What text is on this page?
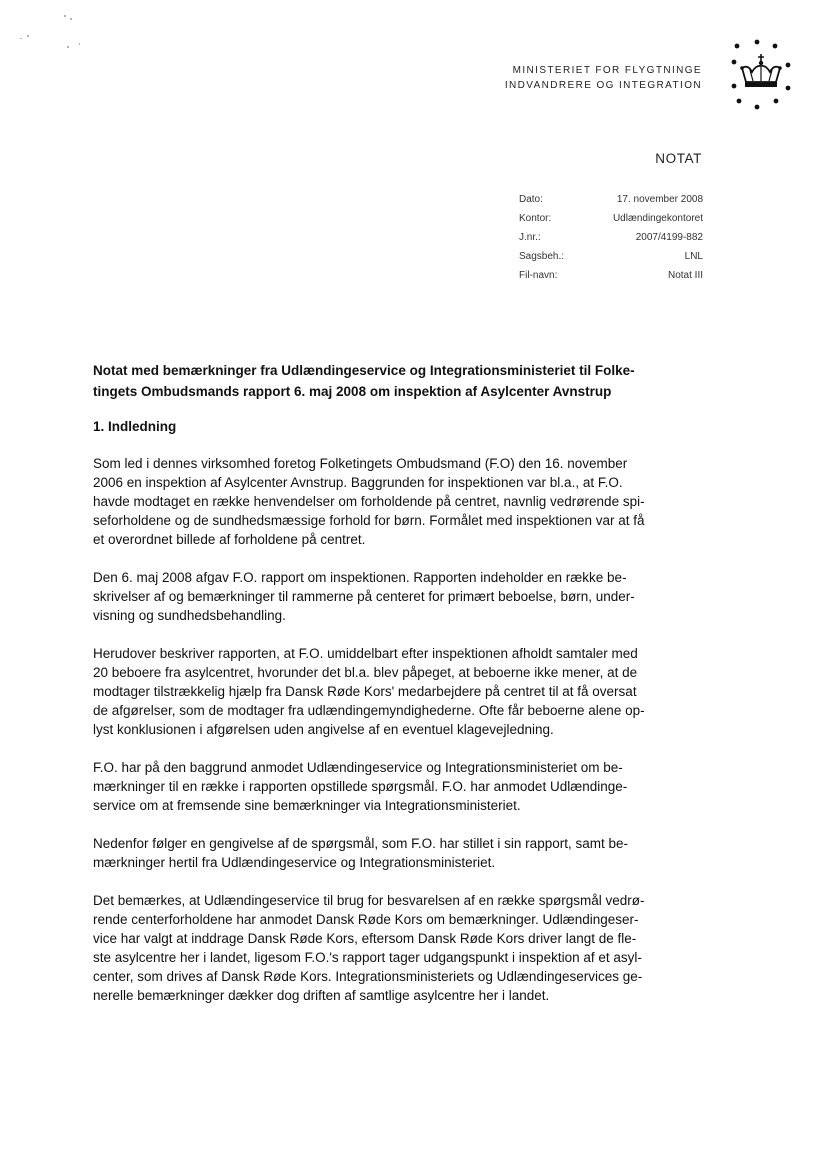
MINISTERIET FOR FLYGTNINGE
INDVANDRERE OG INTEGRATION
NOTAT
Dato:	17. november 2008
Kontor:	Udlændingekontoret
J.nr.:	2007/4199-882
Sagsbeh.:	LNL
Fil-navn:	Notat III
Notat med bemærkninger fra Udlændingeservice og Integrationsministeriet til Folke-
tingets Ombudsmands rapport 6. maj 2008 om inspektion af Asylcenter Avnstrup
1. Indledning
Som led i dennes virksomhed foretog Folketingets Ombudsmand (F.O) den 16. november
2006 en inspektion af Asylcenter Avnstrup. Baggrunden for inspektionen var bl.a., at F.O.
havde modtaget en række henvendelser om forholdende på centret, navnlig vedrørende spi-
seforholdene og de sundhedsmæssige forhold for børn. Formålet med inspektionen var at få
et overordnet billede af forholdene på centret.
Den 6. maj 2008 afgav F.O. rapport om inspektionen. Rapporten indeholder en række be-
skrivelser af og bemærkninger til rammerne på centeret for primært beboelse, børn, under-
visning og sundhedsbehandling.
Herudover beskriver rapporten, at F.O. umiddelbart efter inspektionen afholdt samtaler med
20 beboere fra asylcentret, hvorunder det bl.a. blev påpeget, at beboerne ikke mener, at de
modtager tilstrækkelig hjælp fra Dansk Røde Kors' medarbejdere på centret til at få oversat
de afgørelser, som de modtager fra udlændingemyndighederne. Ofte får beboerne alene op-
lyst konklusionen i afgørelsen uden angivelse af en eventuel klagevejledning.
F.O. har på den baggrund anmodet Udlændingeservice og Integrationsministeriet om be-
mærkninger til en række i rapporten opstillede spørgsmål. F.O. har anmodet Udlændinge-
service om at fremsende sine bemærkninger via Integrationsministeriet.
Nedenfor følger en gengivelse af de spørgsmål, som F.O. har stillet i sin rapport, samt be-
mærkninger hertil fra Udlændingeservice og Integrationsministeriet.
Det bemærkes, at Udlændingeservice til brug for besvarelsen af en række spørgsmål vedrø-
rende centerforholdene har anmodet Dansk Røde Kors om bemærkninger. Udlændingeser-
vice har valgt at inddrage Dansk Røde Kors, eftersom Dansk Røde Kors driver langt de fle-
ste asylcentre her i landet, ligesom F.O.'s rapport tager udgangspunkt i inspektion af et asyl-
center, som drives af Dansk Røde Kors. Integrationsministeriets og Udlændingeservices ge-
nerelle bemærkninger dækker dog driften af samtlige asylcentre her i landet.
